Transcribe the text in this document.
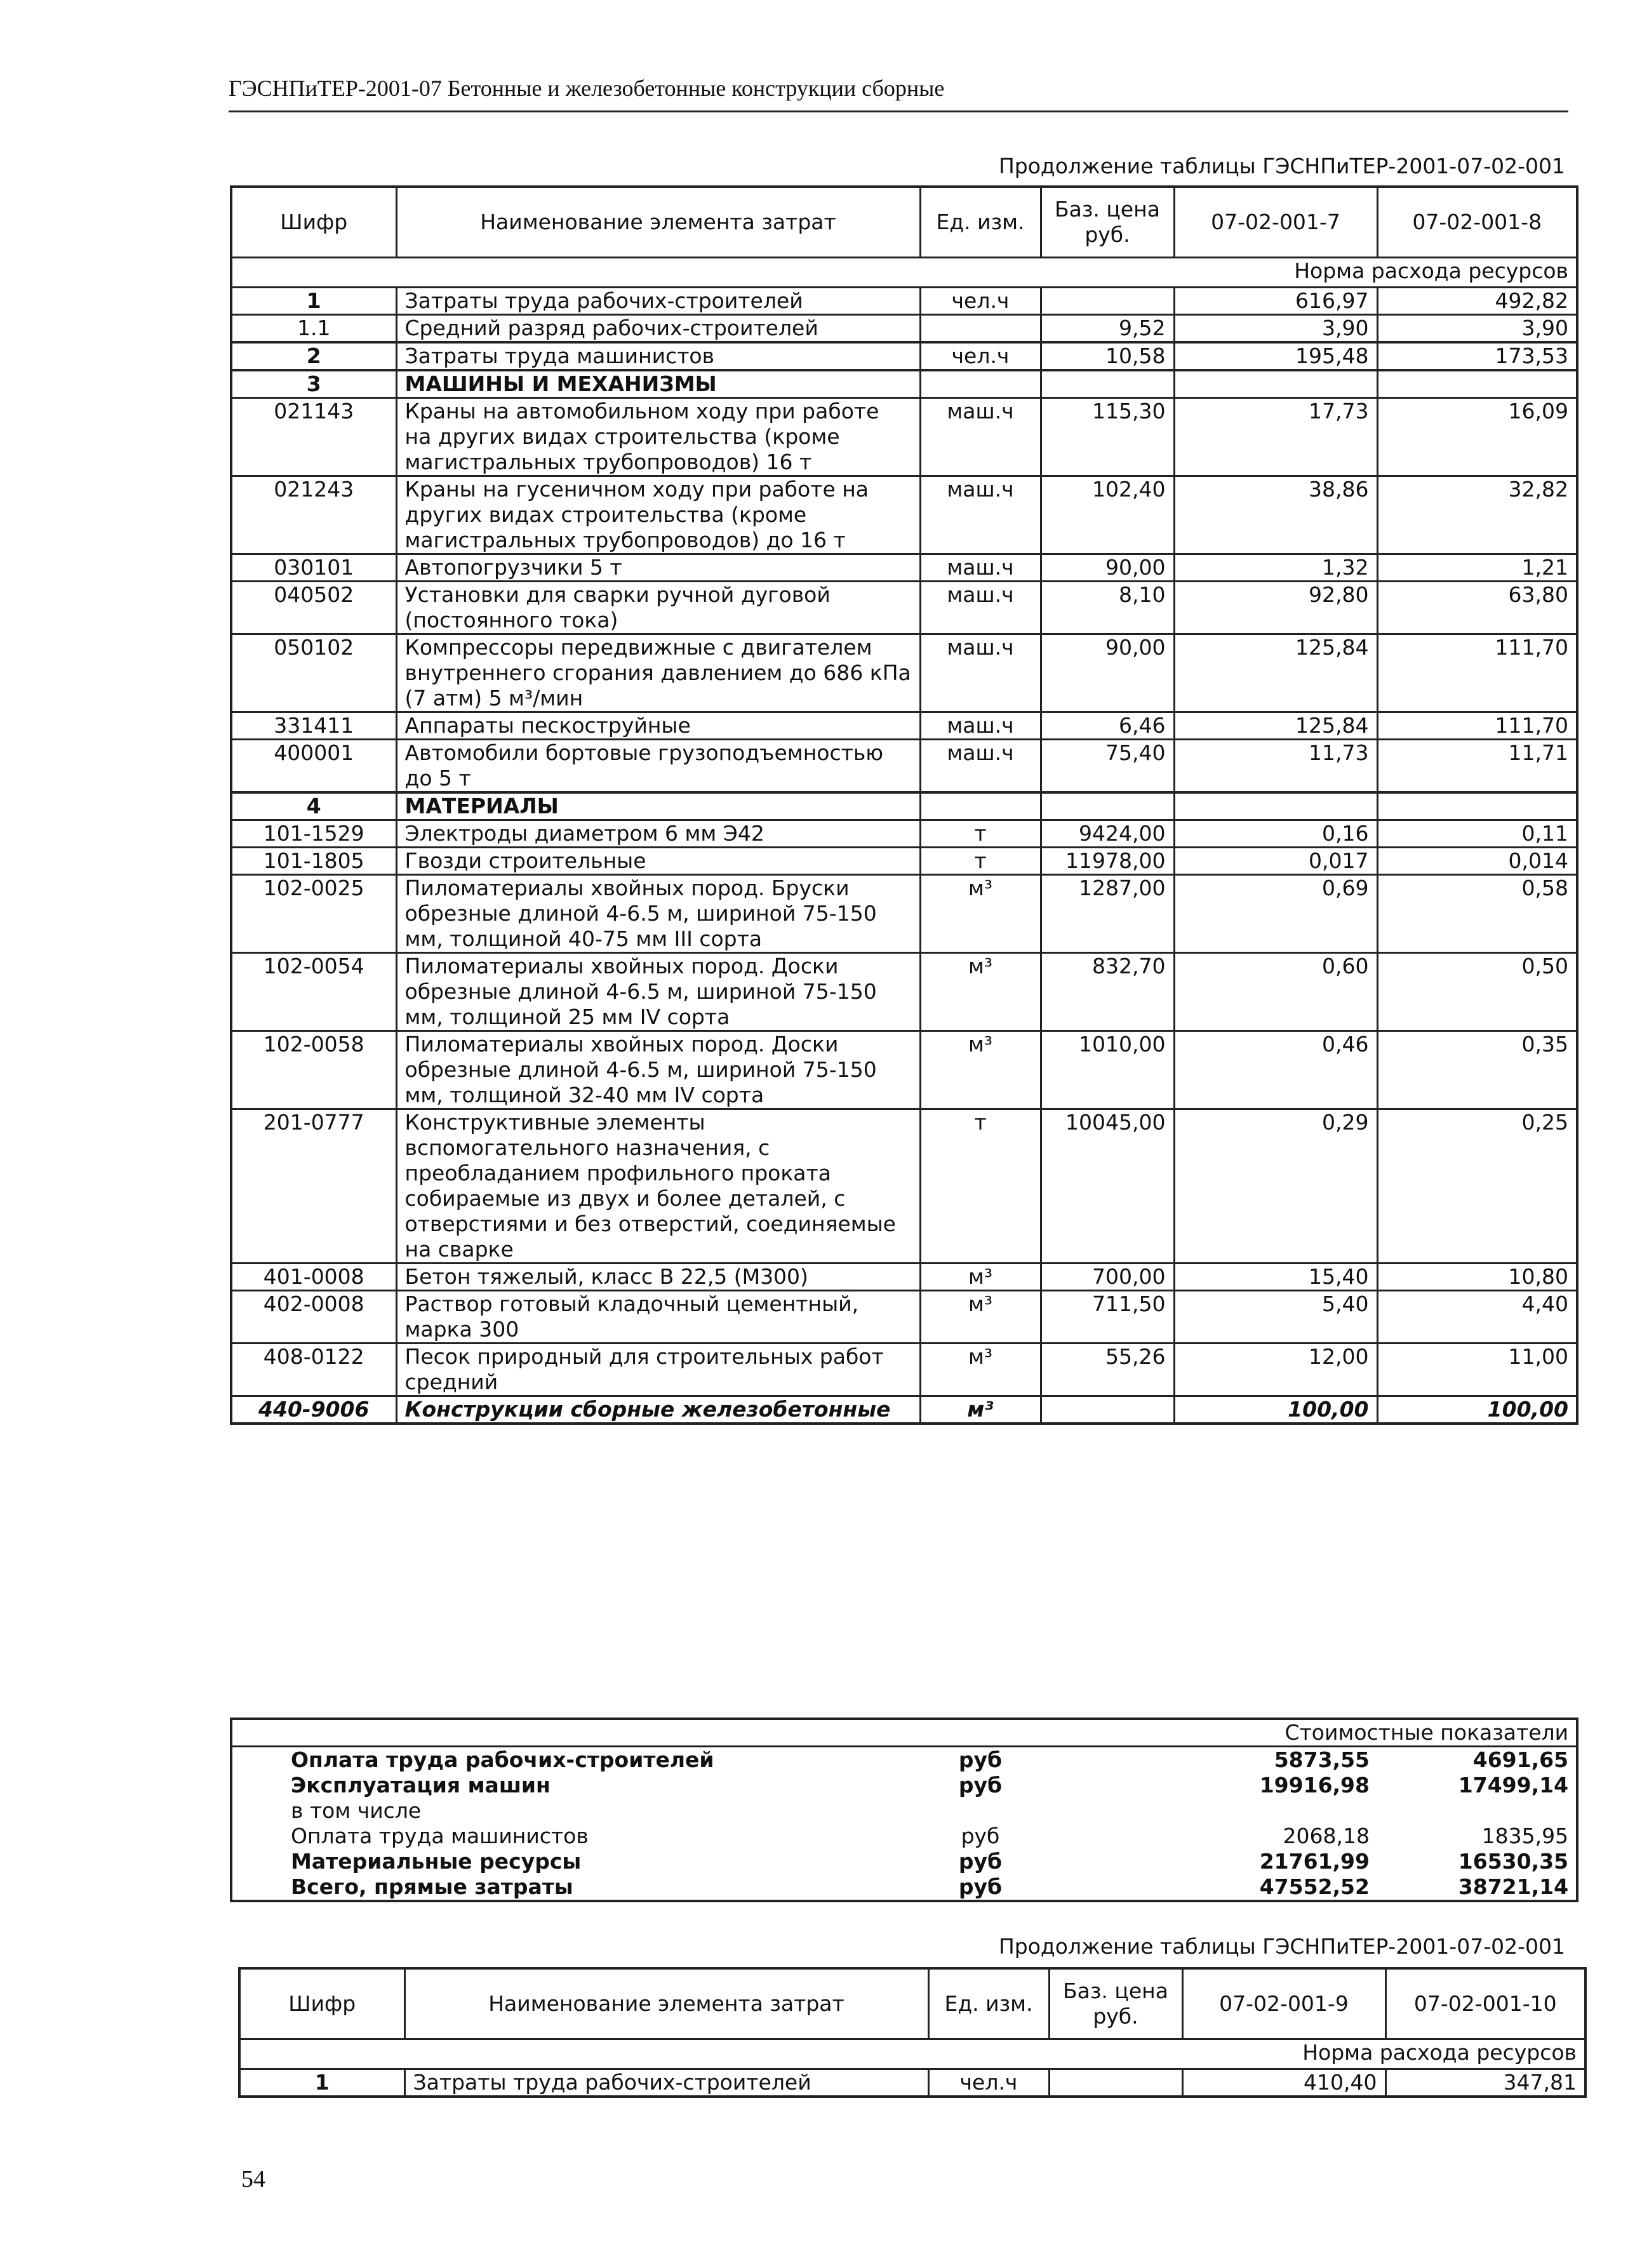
ГЭСНПиТЕР-2001-07 Бетонные и железобетонные конструкции сборные
Продолжение таблицы ГЭСНПиТЕР-2001-07-02-001
Шифр	Наименование элемента затрат	Ед. изм.	Баз. цена руб.	07-02-001-7	07-02-001-8
Норма расхода ресурсов					
1	Затраты труда рабочих-строителей	чел.ч		616,97	492,82
1.1	Средний разряд рабочих-строителей		9,52	3,90	3,90
2	Затраты труда машинистов	чел.ч	10,58	195,48	173,53
3	МАШИНЫ И МЕХАНИЗМЫ				
021143	Краны на автомобильном ходу при работе на других видах строительства (кроме магистральных трубопроводов) 16 т	маш.ч	115,30	17,73	16,09
021243	Краны на гусеничном ходу при работе на других видах строительства (кроме магистральных трубопроводов) до 16 т	маш.ч	102,40	38,86	32,82
030101	Автопогрузчики 5 т	маш.ч	90,00	1,32	1,21
040502	Установки для сварки ручной дуговой (постоянного тока)	маш.ч	8,10	92,80	63,80
050102	Компрессоры передвижные с двигателем внутреннего сгорания давлением до 686 кПа (7 атм) 5 м³/мин	маш.ч	90,00	125,84	111,70
331411	Аппараты пескоструйные	маш.ч	6,46	125,84	111,70
400001	Автомобили бортовые грузоподъемностью до 5 т	маш.ч	75,40	11,73	11,71
4	МАТЕРИАЛЫ				
101-1529	Электроды диаметром 6 мм Э42	т	9424,00	0,16	0,11
101-1805	Гвозди строительные	т	11978,00	0,017	0,014
102-0025	Пиломатериалы хвойных пород. Бруски обрезные длиной 4-6.5 м, шириной 75-150 мм, толщиной 40-75 мм III сорта	м³	1287,00	0,69	0,58
102-0054	Пиломатериалы хвойных пород. Доски обрезные длиной 4-6.5 м, шириной 75-150 мм, толщиной 25 мм IV сорта	м³	832,70	0,60	0,50
102-0058	Пиломатериалы хвойных пород. Доски обрезные длиной 4-6.5 м, шириной 75-150 мм, толщиной 32-40 мм IV сорта	м³	1010,00	0,46	0,35
201-0777	Конструктивные элементы вспомогательного назначения, с преобладанием профильного проката собираемые из двух и более деталей, с отверстиями и без отверстий, соединяемые на сварке	т	10045,00	0,29	0,25
401-0008	Бетон тяжелый, класс В 22,5 (М300)	м³	700,00	15,40	10,80
402-0008	Раствор готовый кладочный цементный, марка 300	м³	711,50	5,40	4,40
408-0122	Песок природный для строительных работ средний	м³	55,26	12,00	11,00
440-9006	Конструкции сборные железобетонные	м³		100,00	100,00
Стоимостные показатели					
	Оплата труда рабочих-строителей	руб		5873,55	4691,65
	Эксплуатация машин	руб		19916,98	17499,14
	в том числе				
	Оплата труда машинистов	руб		2068,18	1835,95
	Материальные ресурсы	руб		21761,99	16530,35
	Всего, прямые затраты	руб		47552,52	38721,14
Продолжение таблицы ГЭСНПиТЕР-2001-07-02-001
Шифр	Наименование элемента затрат	Ед. изм.	Баз. цена руб.	07-02-001-9	07-02-001-10
Норма расхода ресурсов					
1	Затраты труда рабочих-строителей	чел.ч		410,40	347,81
54
